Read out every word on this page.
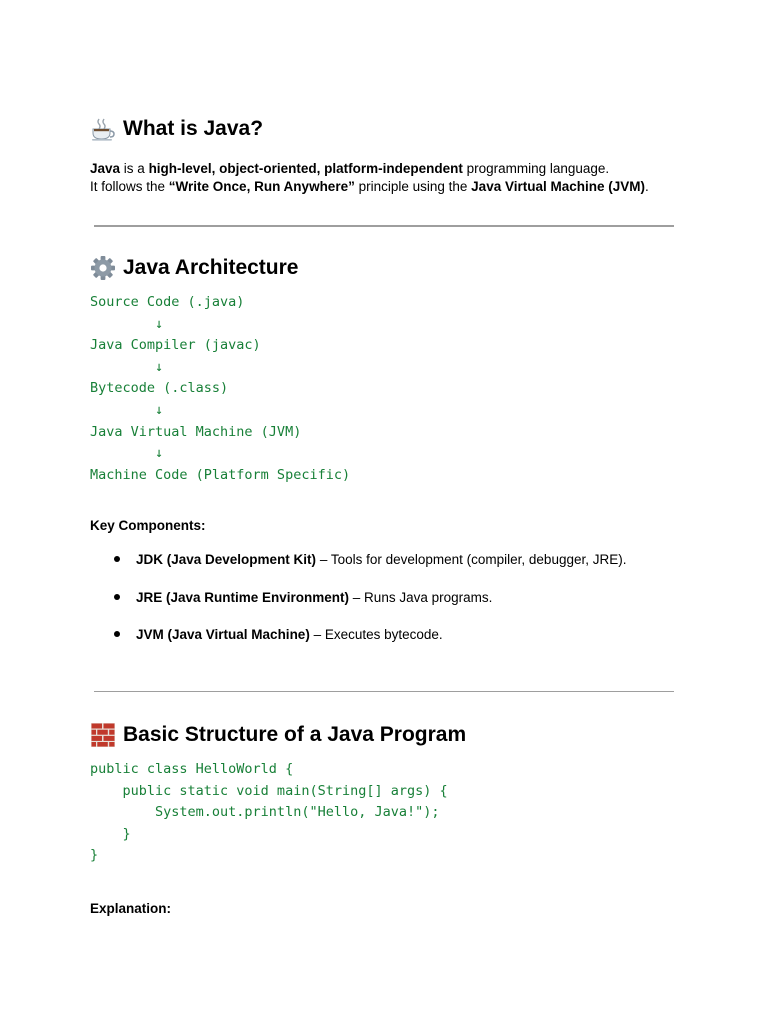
What is Java?
Java is a high-level, object-oriented, platform-independent programming language.
It follows the “Write Once, Run Anywhere” principle using the Java Virtual Machine (JVM).
Java Architecture
Source Code (.java)
↓
Java Compiler (javac)
↓
Bytecode (.class)
↓
Java Virtual Machine (JVM)
↓
Machine Code (Platform Specific)
Key Components:
JDK (Java Development Kit) – Tools for development (compiler, debugger, JRE).
JRE (Java Runtime Environment) – Runs Java programs.
JVM (Java Virtual Machine) – Executes bytecode.
Basic Structure of a Java Program
public class HelloWorld {
public static void main(String[] args) {
System.out.println("Hello, Java!");
}
}
Explanation:
